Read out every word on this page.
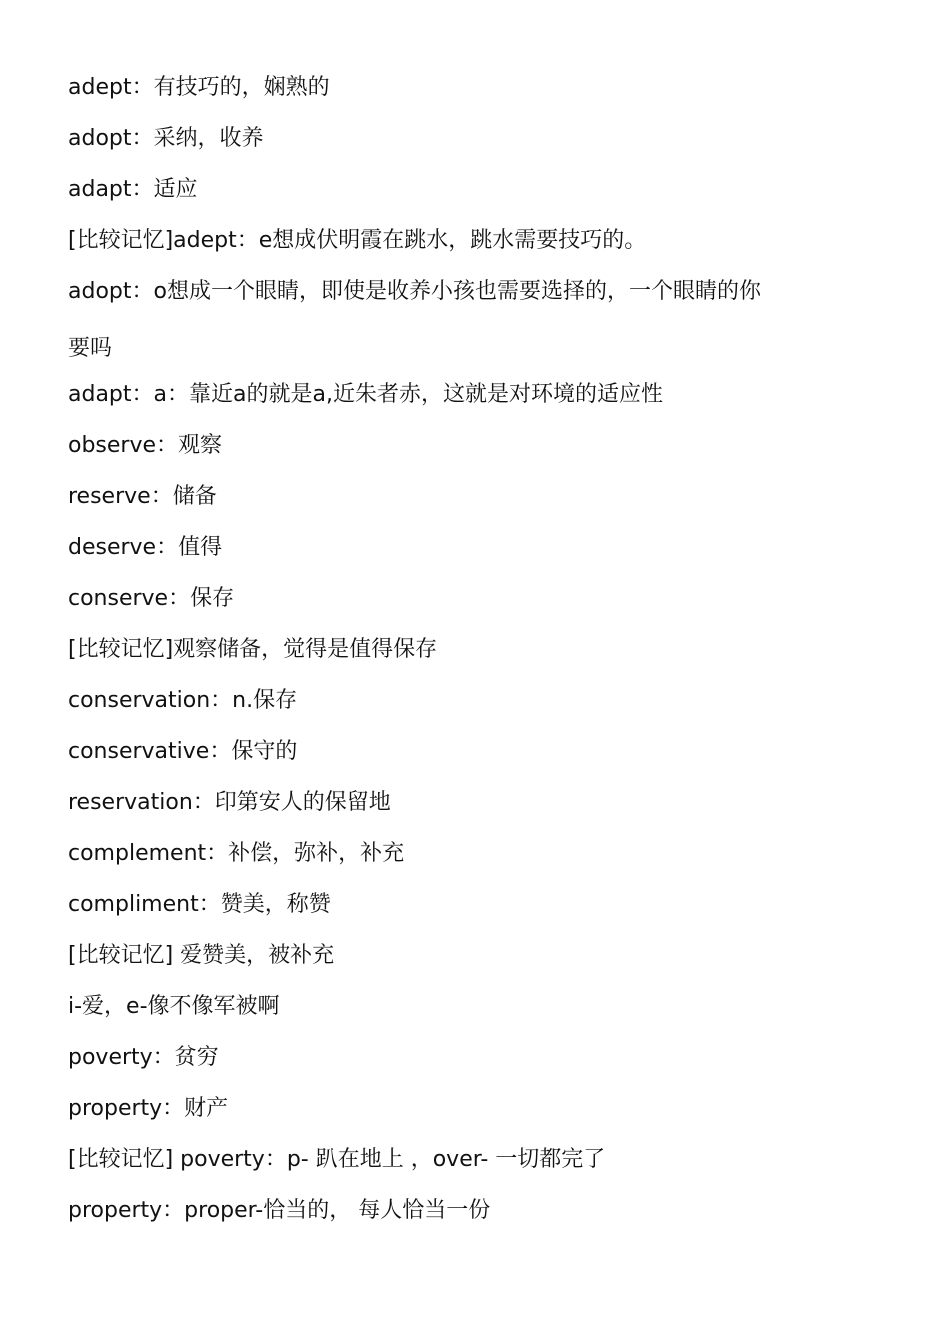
adept：有技巧的，娴熟的
adopt：采纳，收养
adapt：适应
[比较记忆]adept：e想成伏明霞在跳水，跳水需要技巧的。
adopt：o想成一个眼睛，即使是收养小孩也需要选择的，一个眼睛的你
要吗
adapt：a：靠近a的就是a,近朱者赤，这就是对环境的适应性
observe：观察
reserve：储备
deserve：值得
conserve：保存
[比较记忆]观察储备，觉得是值得保存
conservation：n.保存
conservative：保守的
reservation：印第安人的保留地
complement：补偿，弥补，补充
compliment：赞美，称赞
[比较记忆] 爱赞美，被补充
i-爱，e-像不像军被啊
poverty：贫穷
property：财产
[比较记忆] poverty：p- 趴在地上 ，over- 一切都完了
property：proper-恰当的， 每人恰当一份
